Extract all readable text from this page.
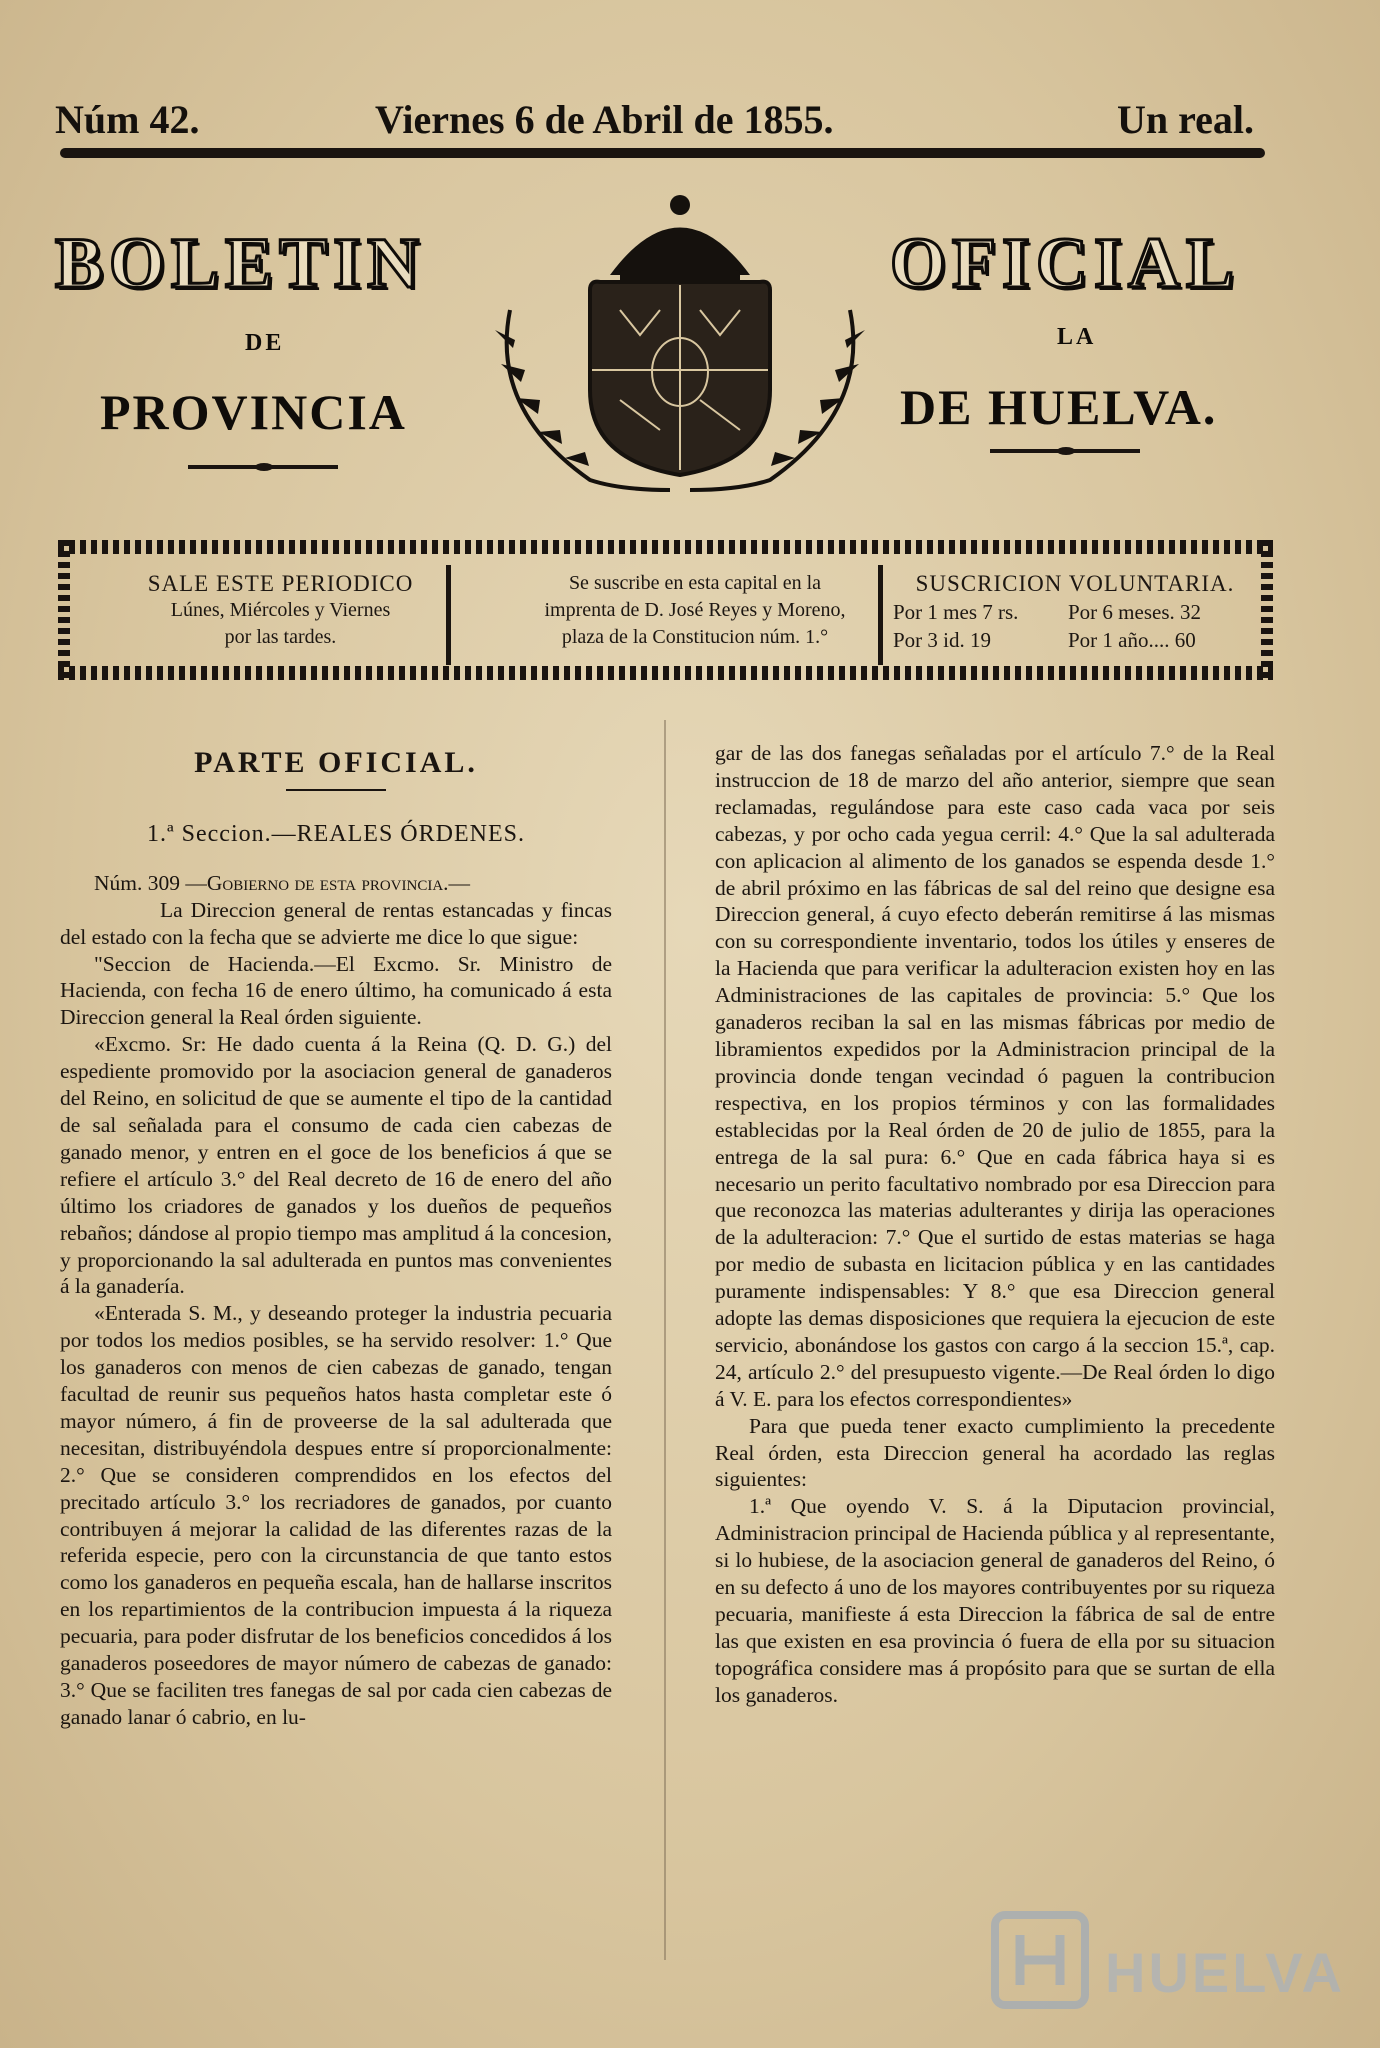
Núm 42.	Viernes 6 de Abril de 1855.	Un real.
BOLETIN	OFICIAL
DE	LA
PROVINCIA	DE HUELVA.
SALE ESTE PERIODICO
Lúnes, Miércoles y Viernes
por las tardes.
Se suscribe en esta capital en la
imprenta de D. José Reyes y Moreno,
plaza de la Constitucion núm. 1.°
SUSCRICION VOLUNTARIA.
Por 1 mes 7 rs. Por 6 meses. 32
Por 3 id. 19	Por 1 año.... 60

PARTE OFICIAL.

1.ª Seccion.—REALES ÓRDENES.

Núm. 309 —Gobierno de esta provincia.—

La Direccion general de rentas estancadas y fincas del estado con la fecha que se advierte me dice lo que sigue:

"Seccion de Hacienda.—El Excmo. Sr. Ministro de Hacienda, con fecha 16 de enero último, ha comunicado á esta Direccion general la Real órden siguiente.

«Excmo. Sr: He dado cuenta á la Reina (Q. D. G.) del espediente promovido por la asociacion general de ganaderos del Reino, en solicitud de que se aumente el tipo de la cantidad de sal señalada para el consumo de cada cien cabezas de ganado menor, y entren en el goce de los beneficios á que se refiere el artículo 3.° del Real decreto de 16 de enero del año último los criadores de ganados y los dueños de pequeños rebaños; dándose al propio tiempo mas amplitud á la concesion, y proporcionando la sal adulterada en puntos mas convenientes á la ganadería.

«Enterada S. M., y deseando proteger la industria pecuaria por todos los medios posibles, se ha servido resolver: 1.° Que los ganaderos con menos de cien cabezas de ganado, tengan facultad de reunir sus pequeños hatos hasta completar este ó mayor número, á fin de proveerse de la sal adulterada que necesitan, distribuyéndola despues entre sí proporcionalmente: 2.° Que se consideren comprendidos en los efectos del precitado artículo 3.° los recriadores de ganados, por cuanto contribuyen á mejorar la calidad de las diferentes razas de la referida especie, pero con la circunstancia de que tanto estos como los ganaderos en pequeña escala, han de hallarse inscritos en los repartimientos de la contribucion impuesta á la riqueza pecuaria, para poder disfrutar de los beneficios concedidos á los ganaderos poseedores de mayor número de cabezas de ganado: 3.° Que se faciliten tres fanegas de sal por cada cien cabezas de ganado lanar ó cabrio, en lu-

gar de las dos fanegas señaladas por el artículo 7.° de la Real instruccion de 18 de marzo del año anterior, siempre que sean reclamadas, regulándose para este caso cada vaca por seis cabezas, y por ocho cada yegua cerril: 4.° Que la sal adulterada con aplicacion al alimento de los ganados se espenda desde 1.° de abril próximo en las fábricas de sal del reino que designe esa Direccion general, á cuyo efecto deberán remitirse á las mismas con su correspondiente inventario, todos los útiles y enseres de la Hacienda que para verificar la adulteracion existen hoy en las Administraciones de las capitales de provincia: 5.° Que los ganaderos reciban la sal en las mismas fábricas por medio de libramientos expedidos por la Administracion principal de la provincia donde tengan vecindad ó paguen la contribucion respectiva, en los propios términos y con las formalidades establecidas por la Real órden de 20 de julio de 1855, para la entrega de la sal pura: 6.° Que en cada fábrica haya si es necesario un perito facultativo nombrado por esa Direccion para que reconozca las materias adulterantes y dirija las operaciones de la adulteracion: 7.° Que el surtido de estas materias se haga por medio de subasta en licitacion pública y en las cantidades puramente indispensables: Y 8.° que esa Direccion general adopte las demas disposiciones que requiera la ejecucion de este servicio, abonándose los gastos con cargo á la seccion 15.ª, cap. 24, artículo 2.° del presupuesto vigente.—De Real órden lo digo á V. E. para los efectos correspondientes»

Para que pueda tener exacto cumplimiento la precedente Real órden, esta Direccion general ha acordado las reglas siguientes:

1.ª Que oyendo V. S. á la Diputacion provincial, Administracion principal de Hacienda pública y al representante, si lo hubiese, de la asociacion general de ganaderos del Reino, ó en su defecto á uno de los mayores contribuyentes por su riqueza pecuaria, manifieste á esta Direccion la fábrica de sal de entre las que existen en esa provincia ó fuera de ella por su situacion topográfica considere mas á propósito para que se surtan de ella los ganaderos.

HUELVA
